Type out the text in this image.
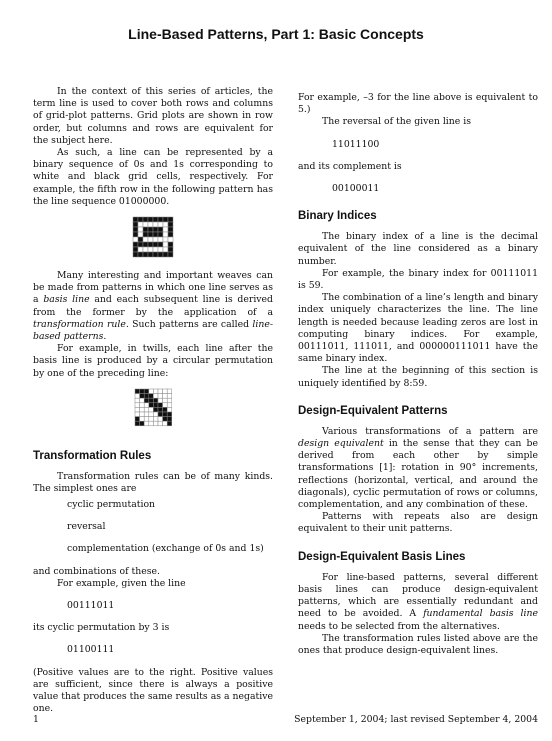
Line-Based Patterns, Part 1: Basic Concepts

In the context of this series of articles, the term line is used to cover both rows and columns of grid-plot patterns. Grid plots are shown in row order, but columns and rows are equivalent for the subject here.

As such, a line can be represented by a binary sequence of 0s and 1s corresponding to white and black grid cells, respectively. For example, the fifth row in the following pattern has the line sequence 01000000.

Many interesting and important weaves can be made from patterns in which one line serves as a basis line and each subsequent line is derived from the former by the application of a transformation rule. Such patterns are called line-based patterns.

For example, in twills, each line after the basis line is produced by a circular permutation by one of the preceding line:

Transformation Rules

Transformation rules can be of many kinds. The simplest ones are

cyclic permutation
reversal
complementation (exchange of 0s and 1s)

and combinations of these.

For example, given the line

00111011

its cyclic permutation by 3 is

01100111

(Positive values are to the right. Positive values are sufficient, since there is always a positive value that produces the same results as a negative one.

For example, –3 for the line above is equivalent to 5.)

The reversal of the given line is

11011100

and its complement is

00100011
Binary Indices

The binary index of a line is the decimal equivalent of the line considered as a binary number.

For example, the binary index for 00111011 is 59.

The combination of a line’s length and binary index uniquely characterizes the line. The line length is needed because leading zeros are lost in computing binary indices. For example, 00111011, 111011, and 000000111011 have the same binary index.

The line at the beginning of this section is uniquely identified by 8:59.

Design-Equivalent Patterns

Various transformations of a pattern are design equivalent in the sense that they can be derived from each other by simple transformations [1]: rotation in 90° increments, reflections (horizontal, vertical, and around the diagonals), cyclic permutation of rows or columns, complementation, and any combination of these.

Patterns with repeats also are design equivalent to their unit patterns.

Design-Equivalent Basis Lines

For line-based patterns, several different basis lines can produce design-equivalent patterns, which are essentially redundant and need to be avoided. A fundamental basis line needs to be selected from the alternatives.

The transformation rules listed above are the ones that produce design-equivalent lines.

1	September 1, 2004; last revised September 4, 2004
